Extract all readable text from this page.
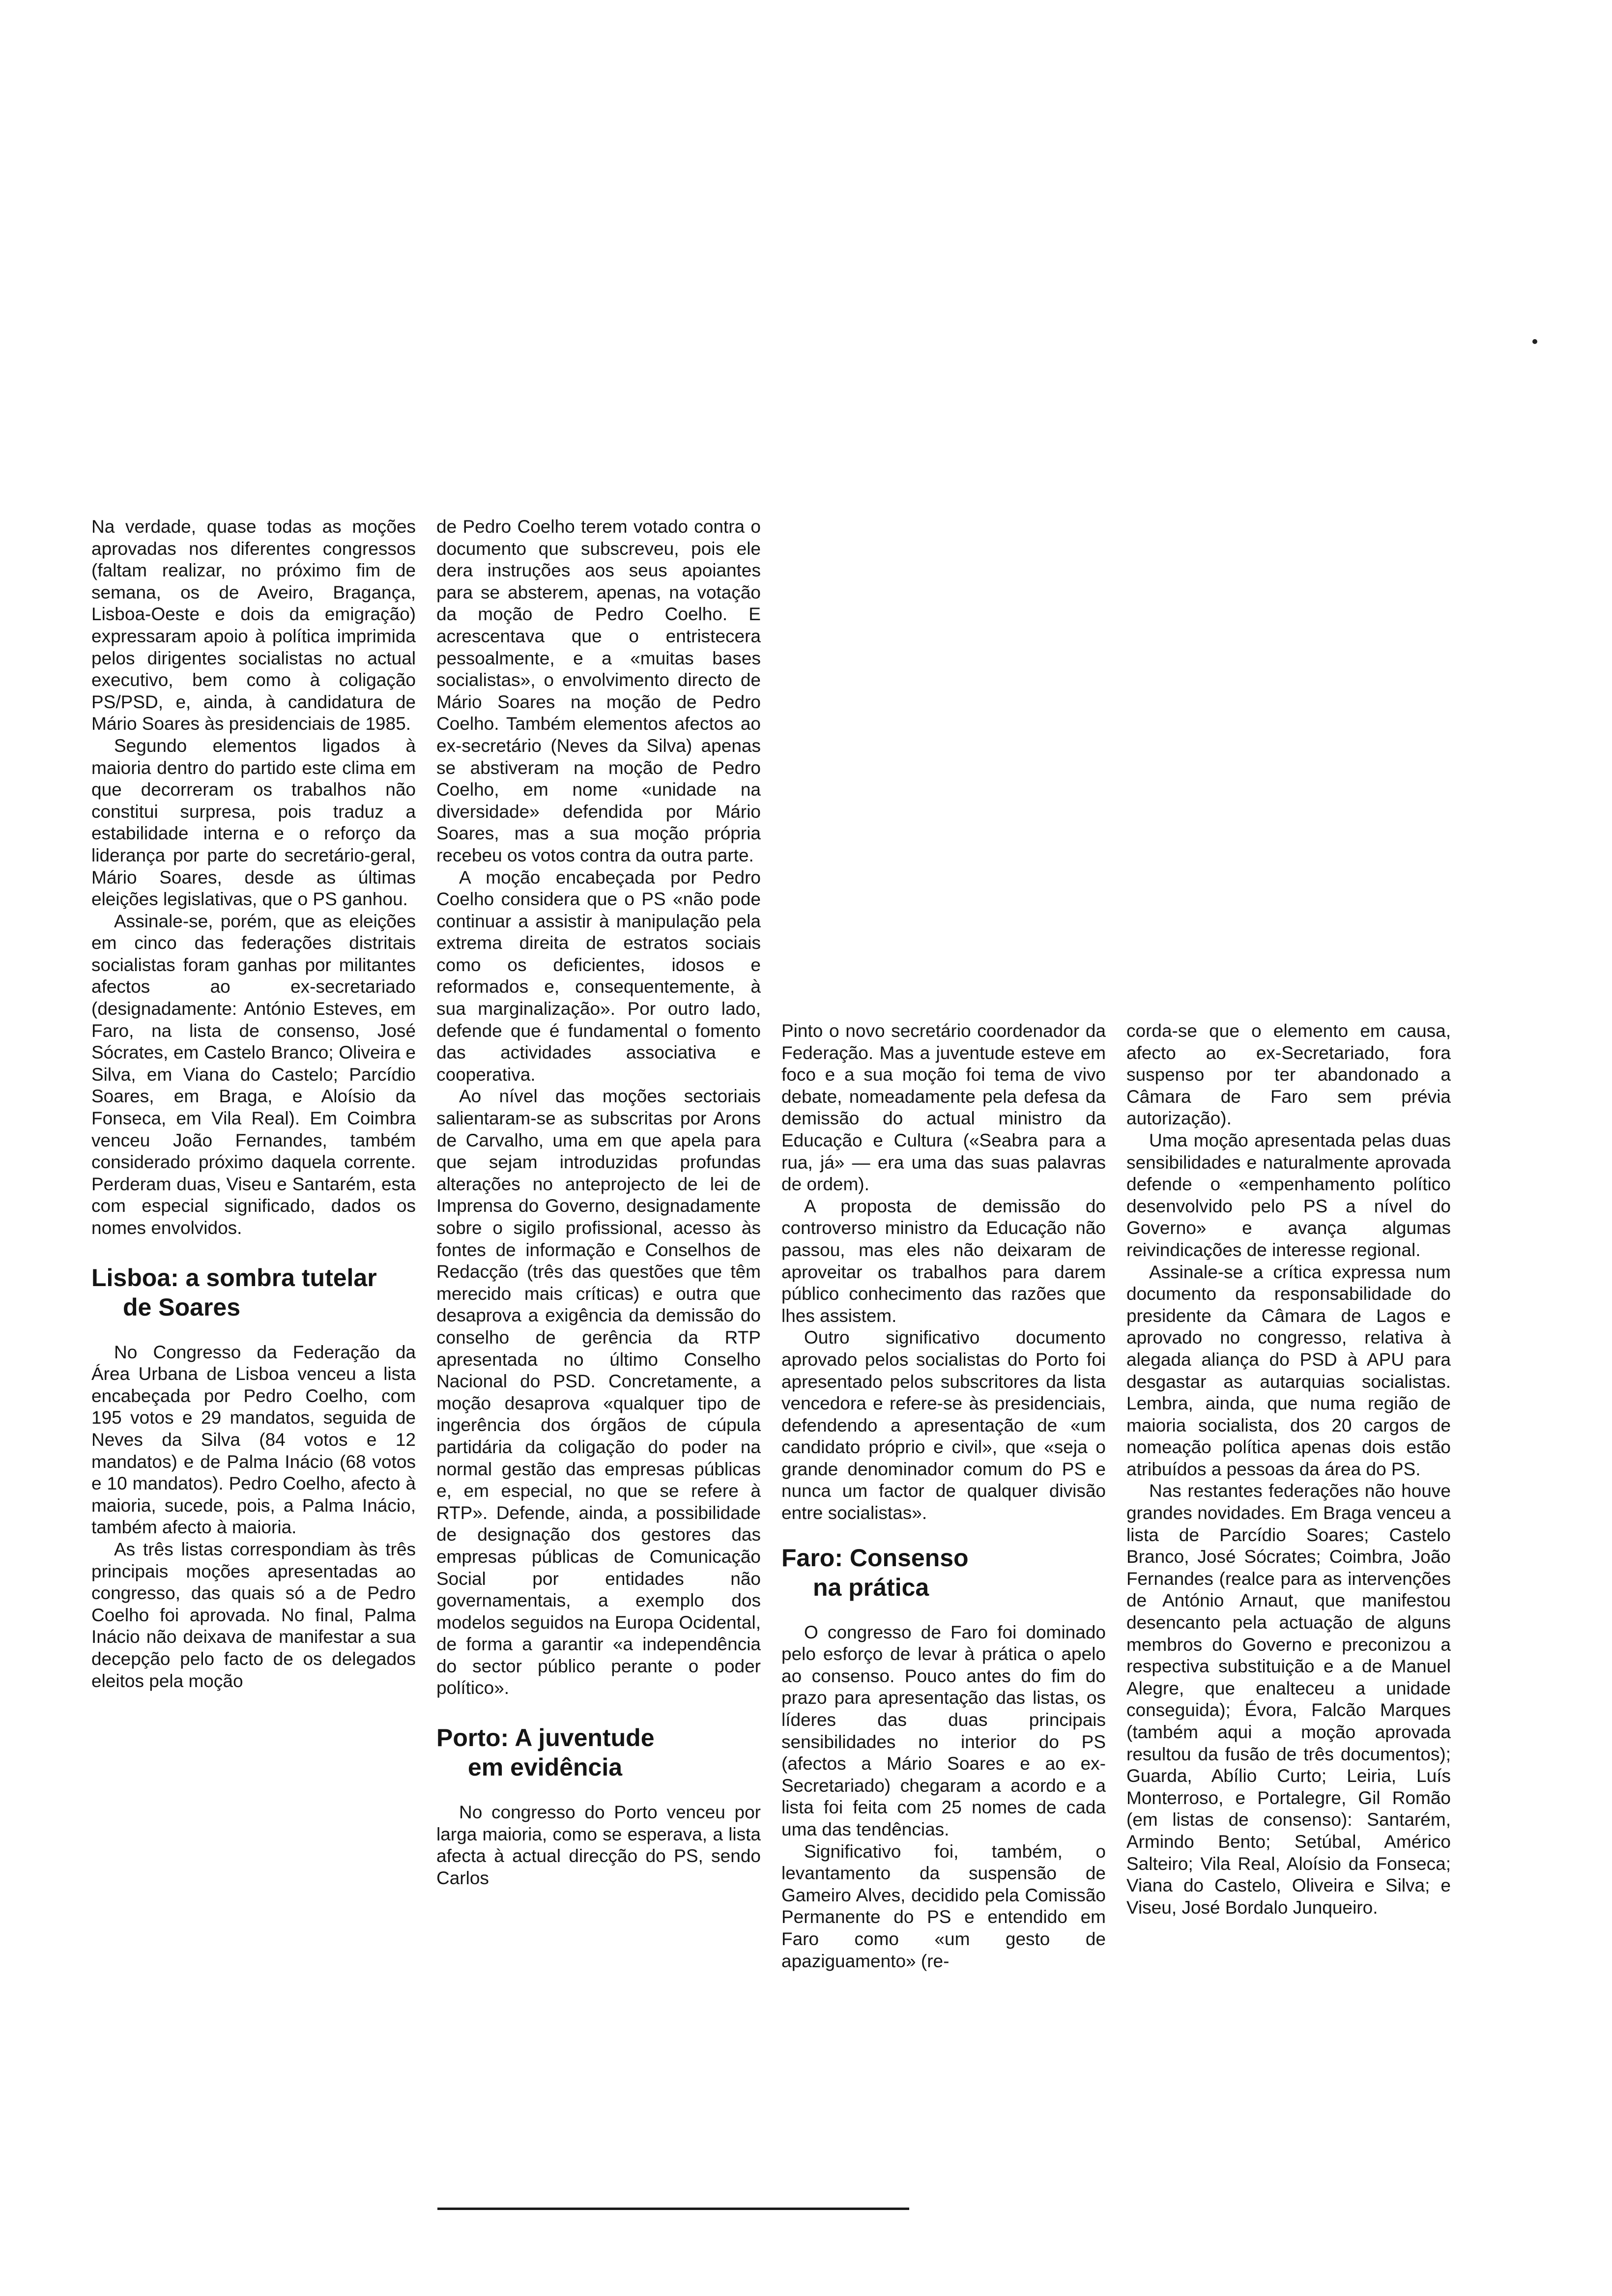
Na verdade, quase todas as moções aprovadas nos diferentes congressos (faltam realizar, no próximo fim de semana, os de Aveiro, Bragança, Lisboa-Oeste e dois da emigração) expressaram apoio à política imprimida pelos dirigentes socialistas no actual executivo, bem como à coligação PS/PSD, e, ainda, à candidatura de Mário Soares às presidenciais de 1985.

Segundo elementos ligados à maioria dentro do partido este clima em que decorreram os trabalhos não constitui surpresa, pois traduz a estabilidade interna e o reforço da liderança por parte do secretário-geral, Mário Soares, desde as últimas eleições legislativas, que o PS ganhou.

Assinale-se, porém, que as eleições em cinco das federações distritais socialistas foram ganhas por militantes afectos ao ex-secretariado (designadamente: António Esteves, em Faro, na lista de consenso, José Sócrates, em Castelo Branco; Oliveira e Silva, em Viana do Castelo; Parcídio Soares, em Braga, e Aloísio da Fonseca, em Vila Real). Em Coimbra venceu João Fernandes, também considerado próximo daquela corrente. Perderam duas, Viseu e Santarém, esta com especial significado, dados os nomes envolvidos.

Lisboa: a sombra tutelar
de Soares

No Congresso da Federação da Área Urbana de Lisboa venceu a lista encabeçada por Pedro Coelho, com 195 votos e 29 mandatos, seguida de Neves da Silva (84 votos e 12 mandatos) e de Palma Inácio (68 votos e 10 mandatos). Pedro Coelho, afecto à maioria, sucede, pois, a Palma Inácio, também afecto à maioria.

As três listas correspondiam às três principais moções apresentadas ao congresso, das quais só a de Pedro Coelho foi aprovada. No final, Palma Inácio não deixava de manifestar a sua decepção pelo facto de os delegados eleitos pela moção

de Pedro Coelho terem votado contra o documento que subscreveu, pois ele dera instruções aos seus apoiantes para se absterem, apenas, na votação da moção de Pedro Coelho. E acrescentava que o entristecera pessoalmente, e a «muitas bases socialistas», o envolvimento directo de Mário Soares na moção de Pedro Coelho. Também elementos afectos ao ex-secretário (Neves da Silva) apenas se abstiveram na moção de Pedro Coelho, em nome «unidade na diversidade» defendida por Mário Soares, mas a sua moção própria recebeu os votos contra da outra parte.

A moção encabeçada por Pedro Coelho considera que o PS «não pode continuar a assistir à manipulação pela extrema direita de estratos sociais como os deficientes, idosos e reformados e, consequentemente, à sua marginalização». Por outro lado, defende que é fundamental o fomento das actividades associativa e cooperativa.

Ao nível das moções sectoriais salientaram-se as subscritas por Arons de Carvalho, uma em que apela para que sejam introduzidas profundas alterações no anteprojecto de lei de Imprensa do Governo, designadamente sobre o sigilo profissional, acesso às fontes de informação e Conselhos de Redacção (três das questões que têm merecido mais críticas) e outra que desaprova a exigência da demissão do conselho de gerência da RTP apresentada no último Conselho Nacional do PSD. Concretamente, a moção desaprova «qualquer tipo de ingerência dos órgãos de cúpula partidária da coligação do poder na normal gestão das empresas públicas e, em especial, no que se refere à RTP». Defende, ainda, a possibilidade de designação dos gestores das empresas públicas de Comunicação Social por entidades não governamentais, a exemplo dos modelos seguidos na Europa Ocidental, de forma a garantir «a independência do sector público perante o poder político».

Porto: A juventude
em evidência

No congresso do Porto venceu por larga maioria, como se esperava, a lista afecta à actual direcção do PS, sendo Carlos

Pinto o novo secretário coordenador da Federação. Mas a juventude esteve em foco e a sua moção foi tema de vivo debate, nomeadamente pela defesa da demissão do actual ministro da Educação e Cultura («Seabra para a rua, já» — era uma das suas palavras de ordem).

A proposta de demissão do controverso ministro da Educação não passou, mas eles não deixaram de aproveitar os trabalhos para darem público conhecimento das razões que lhes assistem.

Outro significativo documento aprovado pelos socialistas do Porto foi apresentado pelos subscritores da lista vencedora e refere-se às presidenciais, defendendo a apresentação de «um candidato próprio e civil», que «seja o grande denominador comum do PS e nunca um factor de qualquer divisão entre socialistas».

Faro: Consenso
na prática

O congresso de Faro foi dominado pelo esforço de levar à prática o apelo ao consenso. Pouco antes do fim do prazo para apresentação das listas, os líderes das duas principais sensibilidades no interior do PS (afectos a Mário Soares e ao ex-Secretariado) chegaram a acordo e a lista foi feita com 25 nomes de cada uma das tendências.

Significativo foi, também, o levantamento da suspensão de Gameiro Alves, decidido pela Comissão Permanente do PS e entendido em Faro como «um gesto de apaziguamento» (re-

corda-se que o elemento em causa, afecto ao ex-Secretariado, fora suspenso por ter abandonado a Câmara de Faro sem prévia autorização).

Uma moção apresentada pelas duas sensibilidades e naturalmente aprovada defende o «empenhamento político desenvolvido pelo PS a nível do Governo» e avança algumas reivindicações de interesse regional.

Assinale-se a crítica expressa num documento da responsabilidade do presidente da Câmara de Lagos e aprovado no congresso, relativa à alegada aliança do PSD à APU para desgastar as autarquias socialistas. Lembra, ainda, que numa região de maioria socialista, dos 20 cargos de nomeação política apenas dois estão atribuídos a pessoas da área do PS.

Nas restantes federações não houve grandes novidades. Em Braga venceu a lista de Parcídio Soares; Castelo Branco, José Sócrates; Coimbra, João Fernandes (realce para as intervenções de António Arnaut, que manifestou desencanto pela actuação de alguns membros do Governo e preconizou a respectiva substituição e a de Manuel Alegre, que enalteceu a unidade conseguida); Évora, Falcão Marques (também aqui a moção aprovada resultou da fusão de três documentos); Guarda, Abílio Curto; Leiria, Luís Monterroso, e Portalegre, Gil Romão (em listas de consenso): Santarém, Armindo Bento; Setúbal, Américo Salteiro; Vila Real, Aloísio da Fonseca; Viana do Castelo, Oliveira e Silva; e Viseu, José Bordalo Junqueiro.
